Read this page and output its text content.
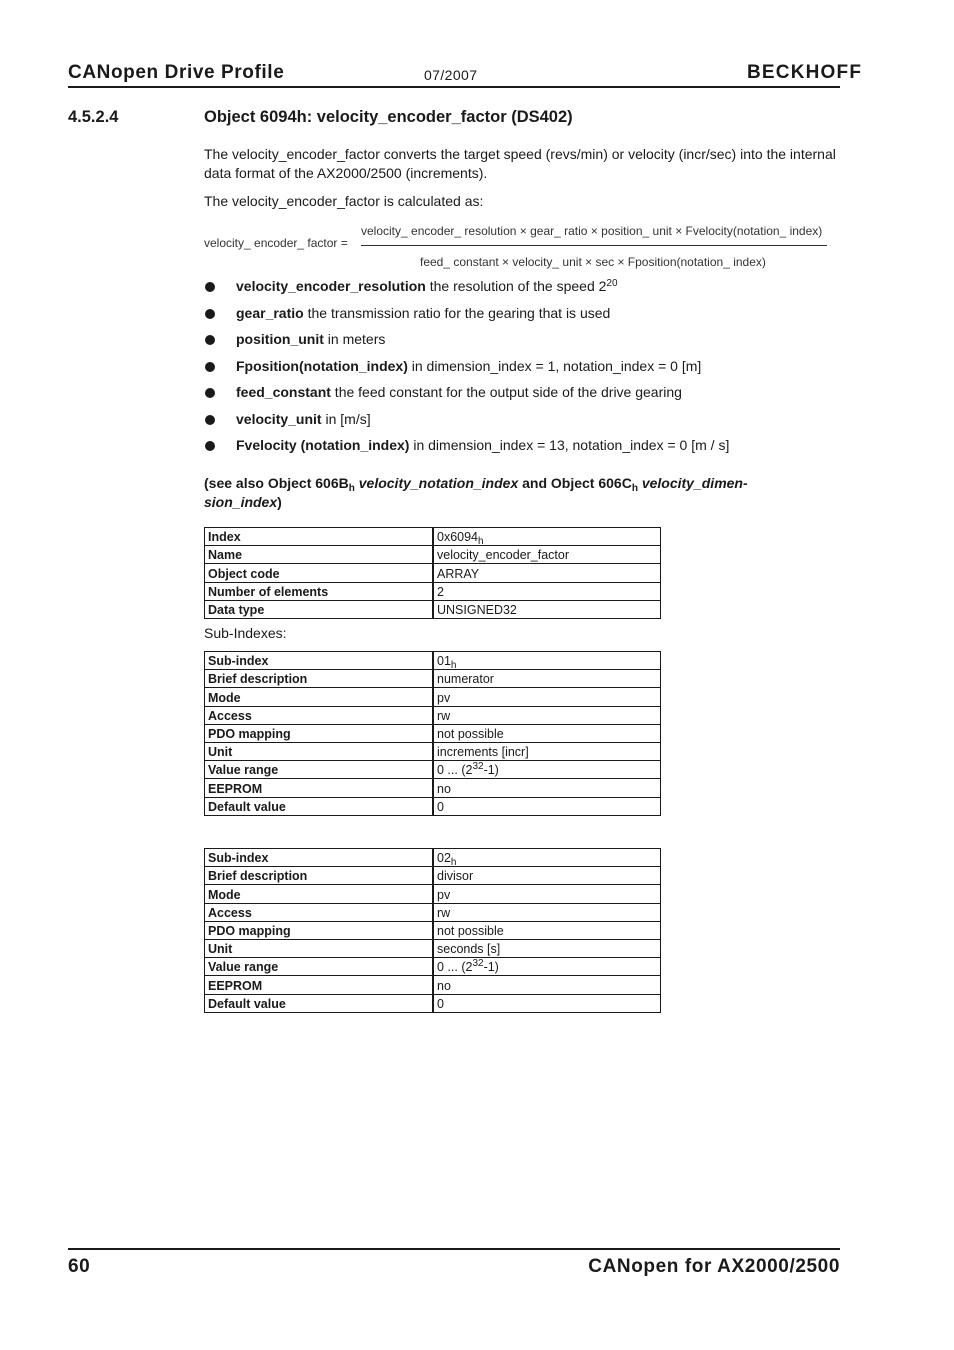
CANopen Drive Profile	07/2007	BECKHOFF
4.5.2.4	Object 6094h: velocity_encoder_factor (DS402)
The velocity_encoder_factor converts the target speed (revs/min) or velocity (incr/sec) into the internal data format of the AX2000/2500 (increments).
The velocity_encoder_factor is calculated as:
velocity_ encoder_ factor =
velocity_ encoder_ resolution × gear_ ratio × position_ unit × Fvelocity(notation_ index)
feed_ constant × velocity_ unit × sec × Fposition(notation_ index)
velocity_encoder_resolution the resolution of the speed $2^{20}$
gear_ratio the transmission ratio for the gearing that is used
position_unit in meters
Fposition(notation_index) in dimension_index = 1, notation_index = 0 [m]
feed_constant the feed constant for the output side of the drive gearing
velocity_unit in [m/s]
Fvelocity (notation_index) in dimension_index = 13, notation_index = 0 [m / s]
(see also Object $606B_h$ velocity_notation_index and Object $606C_h$ velocity_dimen-sion_index)
Index	$0x6094_h$
Name	velocity_encoder_factor
Object code	ARRAY
Number of elements	2
Data type	UNSIGNED32
Sub-Indexes:
Sub-index	$01_h$
Brief description	numerator
Mode	pv
Access	rw
PDO mapping	not possible
Unit	increments [incr]
Value range	0 ... $(2^{32}-1)$
EEPROM	no
Default value	0
Sub-index	$02_h$
Brief description	divisor
Mode	pv
Access	rw
PDO mapping	not possible
Unit	seconds [s]
Value range	0 ... $(2^{32}-1)$
EEPROM	no
Default value	0
60	CANopen for AX2000/2500
